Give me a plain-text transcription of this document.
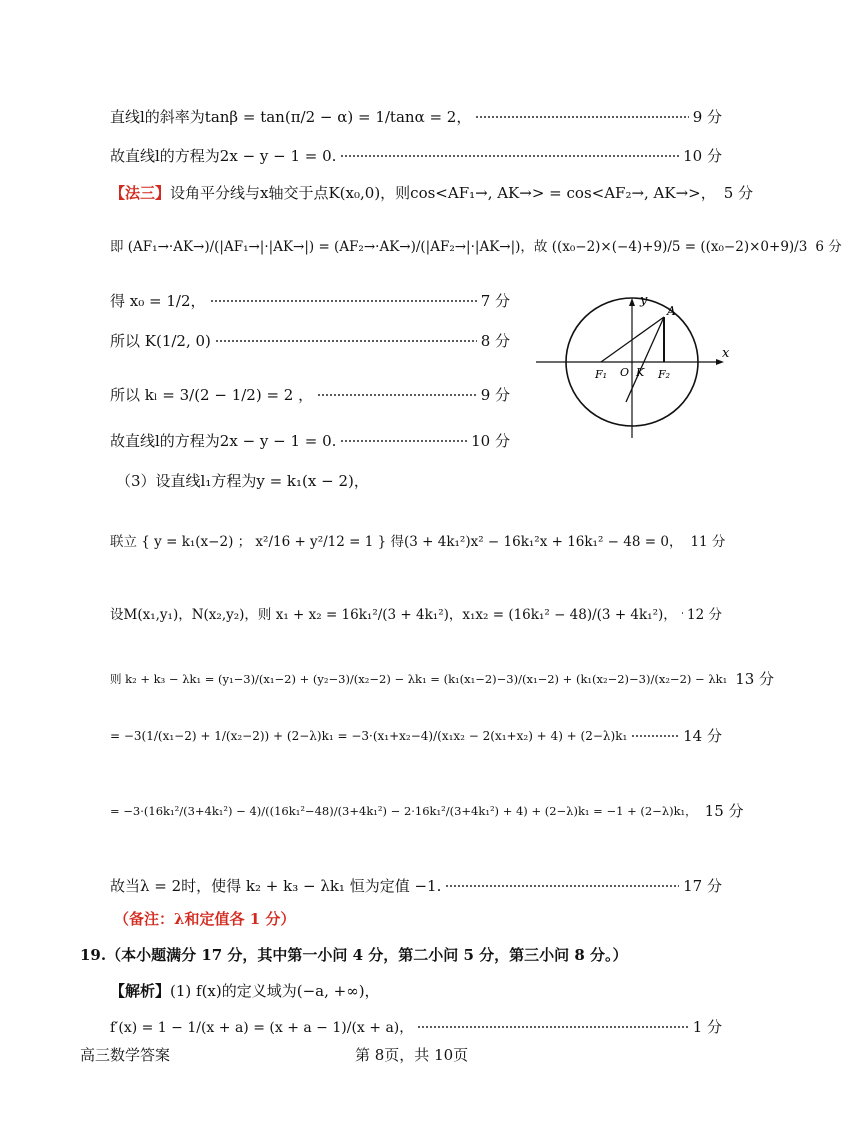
直线l的斜率为tanβ = tan(π/2 − α) = 1/tanα = 2，	9 分
故直线l的方程为2x − y − 1 = 0.	10 分
【法三】 设角平分线与x轴交于点K(x₀,0)，则cos<AF₁→, AK→> = cos<AF₂→, AK→>， 5 分
即 (AF₁→·AK→)/(|AF₁→|·|AK→|) = (AF₂→·AK→)/(|AF₂→|·|AK→|)，故 ((x₀−2)×(−4)+9)/5 = ((x₀−2)×0+9)/3 6 分
得 x₀ = 1/2，	7 分
所以 K(1/2, 0)	8 分
所以 kₗ = 3/(2 − 1/2) = 2 ，	9 分
故直线l的方程为2x − y − 1 = 0.	10 分
（3）设直线l₁方程为y = k₁(x − 2)，
联立 { y = k₁(x−2) ； x²/16 + y²/12 = 1 } 得(3 + 4k₁²)x² − 16k₁²x + 16k₁² − 48 = 0， 11 分
设M(x₁,y₁)，N(x₂,y₂)，则 x₁ + x₂ = 16k₁²/(3 + 4k₁²)，x₁x₂ = (16k₁² − 48)/(3 + 4k₁²)， 12 分
则 k₂ + k₃ − λk₁ = (y₁−3)/(x₁−2) + (y₂−3)/(x₂−2) − λk₁ = (k₁(x₁−2)−3)/(x₁−2) + (k₁(x₂−2)−3)/(x₂−2) − λk₁ 13 分
= −3(1/(x₁−2) + 1/(x₂−2)) + (2−λ)k₁ = −3·(x₁+x₂−4)/(x₁x₂ − 2(x₁+x₂) + 4) + (2−λ)k₁	14 分
= −3·(16k₁²/(3+4k₁²) − 4)/((16k₁²−48)/(3+4k₁²) − 2·16k₁²/(3+4k₁²) + 4) + (2−λ)k₁ = −1 + (2−λ)k₁， 15 分
故当λ = 2时，使得 k₂ + k₃ − λk₁ 恒为定值 −1.	17 分
（备注：λ和定值各 1 分）
19.（本小题满分 17 分，其中第一小问 4 分，第二小问 5 分，第三小问 8 分。）
【解析】 (1) f(x)的定义域为(−a, +∞)，
f′(x) = 1 − 1/(x + a) = (x + a − 1)/(x + a)，	1 分
高三数学答案	第 8页，共 10页
y
x
A
F₁ O K F₂
